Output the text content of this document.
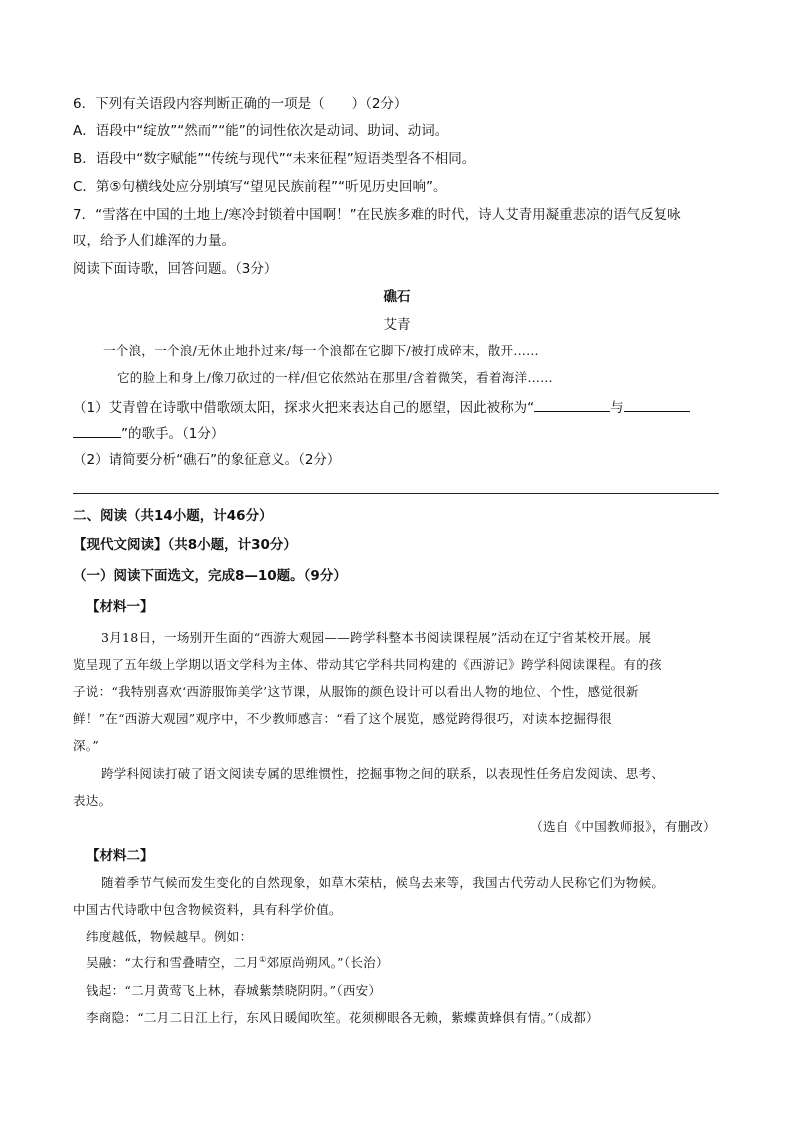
6．下列有关语段内容判断正确的一项是（　　）（2分）
A．语段中“绽放”“然而”“能”的词性依次是动词、助词、动词。
B．语段中“数字赋能”“传统与现代”“未来征程”短语类型各不相同。
C．第⑤句横线处应分别填写“望见民族前程”“听见历史回响”。
7．“雪落在中国的土地上/寒冷封锁着中国啊！”在民族多难的时代，诗人艾青用凝重悲凉的语气反复咏
叹，给予人们雄浑的力量。
阅读下面诗歌，回答问题。（3分）
礁石
艾青
一个浪，一个浪/无休止地扑过来/每一个浪都在它脚下/被打成碎末，散开……
它的脸上和身上/像刀砍过的一样/但它依然站在那里/含着微笑，看着海洋……
（1）艾青曾在诗歌中借歌颂太阳，探求火把来表达自己的愿望，因此被称为“	与
”的歌手。（1分）
（2）请简要分析“礁石”的象征意义。（2分）
二、阅读（共14小题，计46分）
【现代文阅读】（共8小题，计30分）
（一）阅读下面选文，完成8—10题。（9分）
【材料一】
3月18日，一场别开生面的“西游大观园——跨学科整本书阅读课程展”活动在辽宁省某校开展。展
览呈现了五年级上学期以语文学科为主体、带动其它学科共同构建的《西游记》跨学科阅读课程。有的孩
子说：“我特别喜欢‘西游服饰美学’这节课，从服饰的颜色设计可以看出人物的地位、个性，感觉很新
鲜！”在“西游大观园”观序中，不少教师感言：“看了这个展览，感觉跨得很巧，对读本挖掘得很
深。”
跨学科阅读打破了语文阅读专属的思维惯性，挖掘事物之间的联系，以表现性任务启发阅读、思考、
表达。
（选自《中国教师报》，有删改）
【材料二】
随着季节气候而发生变化的自然现象，如草木荣枯，候鸟去来等，我国古代劳动人民称它们为物候。
中国古代诗歌中包含物候资料，具有科学价值。
纬度越低，物候越早。例如：
吴融：“太行和雪叠晴空，二月①郊原尚朔风。”（长治）
钱起：“二月黄莺飞上林，春城紫禁晓阴阴。”（西安）
李商隐：“二月二日江上行，东风日暖闻吹笙。花须柳眼各无赖，紫蝶黄蜂俱有情。”（成都）
